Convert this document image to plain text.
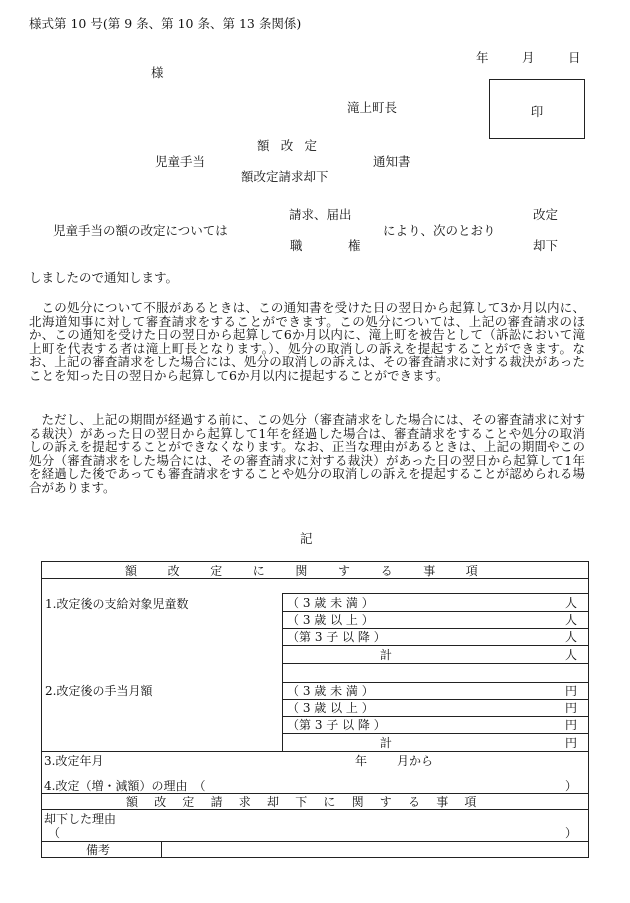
様式第 10 号(第 9 条、第 10 条、第 13 条関係)
年	月	日
様
滝上町長	印
額改定
児童手当	通知書
額改定請求却下
請求、届出	改定
児童手当の額の改定については	により、次のとおり
職	権	却下
しましたので通知します。
この処分について不服があるときは、この通知書を受けた日の翌日から起算して3か月以内に、北海道知事に対して審査請求をすることができます。この処分については、上記の審査請求のほか、この通知を受けた日の翌日から起算して6か月以内に、滝上町を被告として（訴訟において滝上町を代表する者は滝上町長となります。）、処分の取消しの訴えを提起することができます。なお、上記の審査請求をした場合には、処分の取消しの訴えは、その審査請求に対する裁決があったことを知った日の翌日から起算して6か月以内に提起することができます。
ただし、上記の期間が経過する前に、この処分（審査請求をした場合には、その審査請求に対する裁決）があった日の翌日から起算して1年を経過した場合は、審査請求をすることや処分の取消しの訴えを提起することができなくなります。なお、正当な理由があるときは、上記の期間やこの処分（審査請求をした場合には、その審査請求に対する裁決）があった日の翌日から起算して1年を経過した後であっても審査請求をすることや処分の取消しの訴えを提起することが認められる場合があります。
記
額改定に関する事項
1.改定後の支給対象児童数	（ 3 歳 未 満 ）	人
（ 3 歳 以 上 ）	人
（第 3 子 以 降 ）	人
計	人
2.改定後の手当月額	（ 3 歳 未 満 ）	円
（ 3 歳 以 上 ）	円
（第 3 子 以 降 ）	円
計	円
3.改定年月	年 月から
4.改定（増・減額）の理由　（	）
額改定請求却下に関する事項
却下した理由
（	）
備考
